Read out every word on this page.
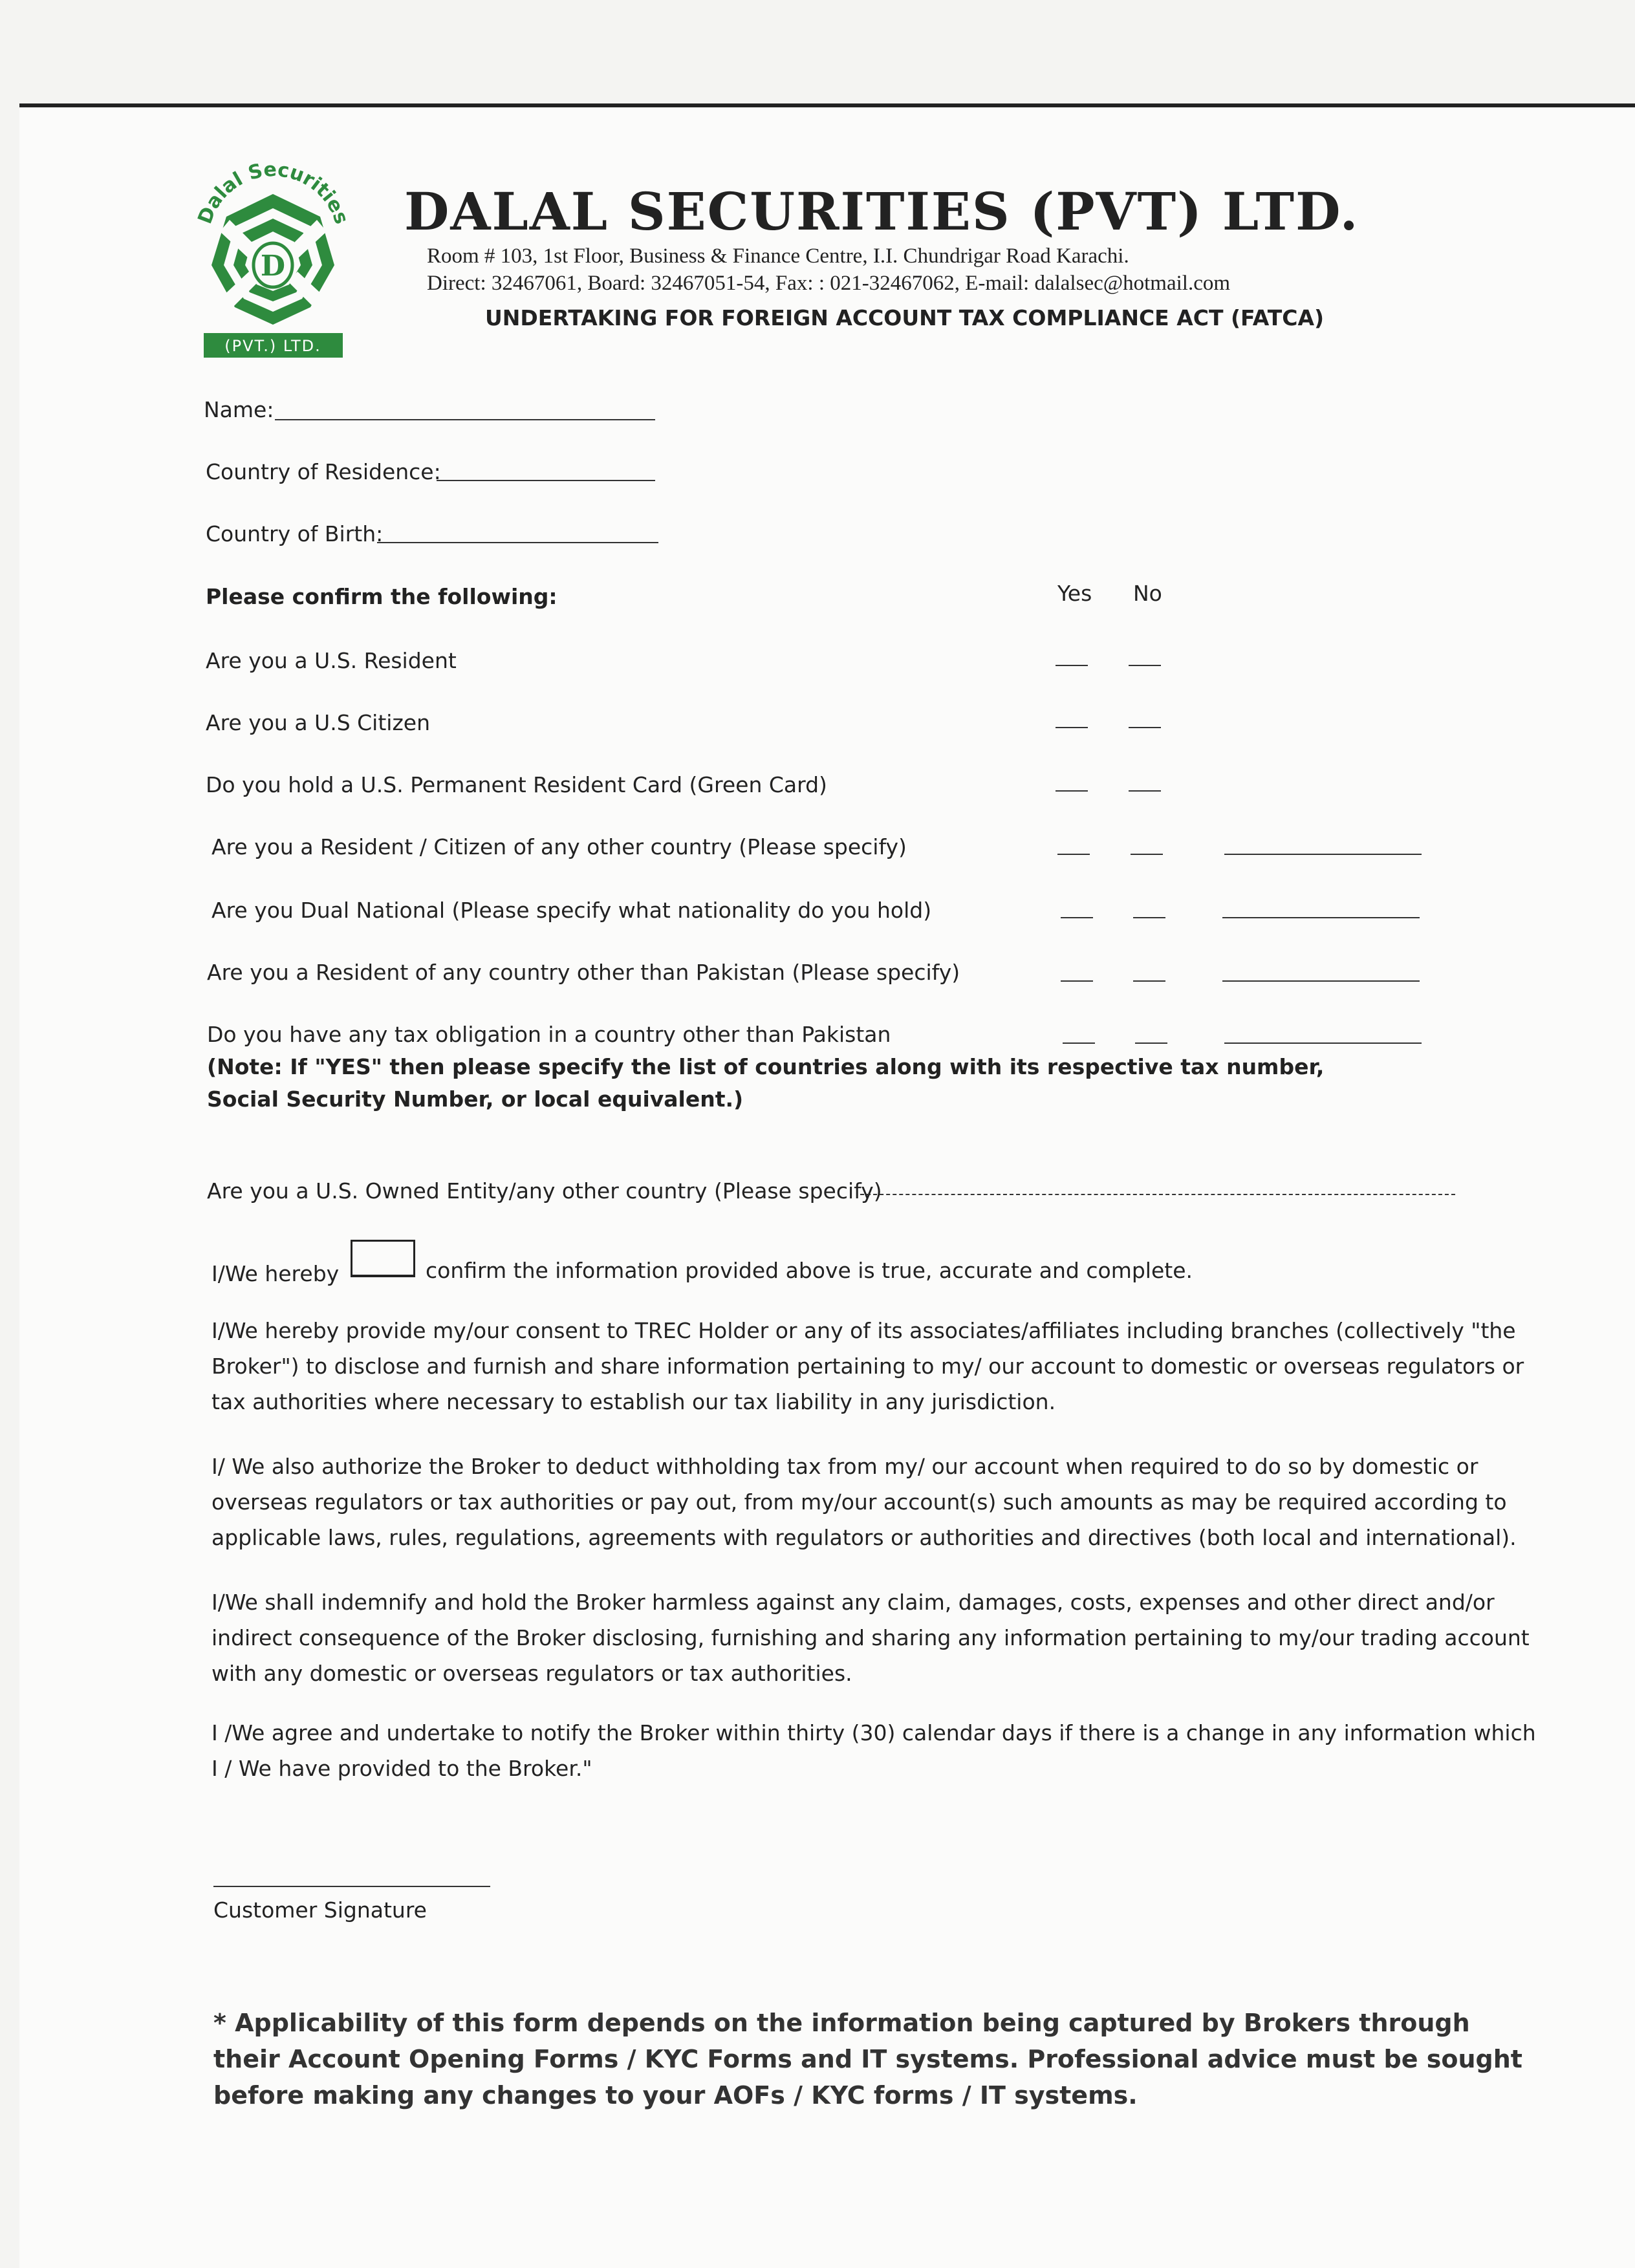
Dalal Securities
D
(PVT.) LTD.
DALAL SECURITIES (PVT) LTD.
Room # 103, 1st Floor, Business & Finance Centre, I.I. Chundrigar Road Karachi.
Direct: 32467061, Board: 32467051-54, Fax: : 021-32467062, E-mail: dalalsec@hotmail.com
UNDERTAKING FOR FOREIGN ACCOUNT TAX COMPLIANCE ACT (FATCA)
Name:
Country of Residence:
Country of Birth:
Please confirm the following:	Yes No
Are you a U.S. Resident
Are you a U.S Citizen
Do you hold a U.S. Permanent Resident Card (Green Card)
Are you a Resident / Citizen of any other country (Please specify)
Are you Dual National (Please specify what nationality do you hold)
Are you a Resident of any country other than Pakistan (Please specify)
Do you have any tax obligation in a country other than Pakistan
(Note: If "YES" then please specify the list of countries along with its respective tax number,
Social Security Number, or local equivalent.)
Are you a U.S. Owned Entity/any other country (Please specify)
I/We hereby	confirm the information provided above is true, accurate and complete.
I/We hereby provide my/our consent to TREC Holder or any of its associates/affiliates including branches (collectively "the Broker") to disclose and furnish and share information pertaining to my/ our account to domestic or overseas regulators or tax authorities where necessary to establish our tax liability in any jurisdiction.
I/ We also authorize the Broker to deduct withholding tax from my/ our account when required to do so by domestic or overseas regulators or tax authorities or pay out, from my/our account(s) such amounts as may be required according to applicable laws, rules, regulations, agreements with regulators or authorities and directives (both local and international).
I/We shall indemnify and hold the Broker harmless against any claim, damages, costs, expenses and other direct and/or indirect consequence of the Broker disclosing, furnishing and sharing any information pertaining to my/our trading account with any domestic or overseas regulators or tax authorities.
I /We agree and undertake to notify the Broker within thirty (30) calendar days if there is a change in any information which I / We have provided to the Broker."
Customer Signature
* Applicability of this form depends on the information being captured by Brokers through their Account Opening Forms / KYC Forms and IT systems. Professional advice must be sought before making any changes to your AOFs / KYC forms / IT systems.
